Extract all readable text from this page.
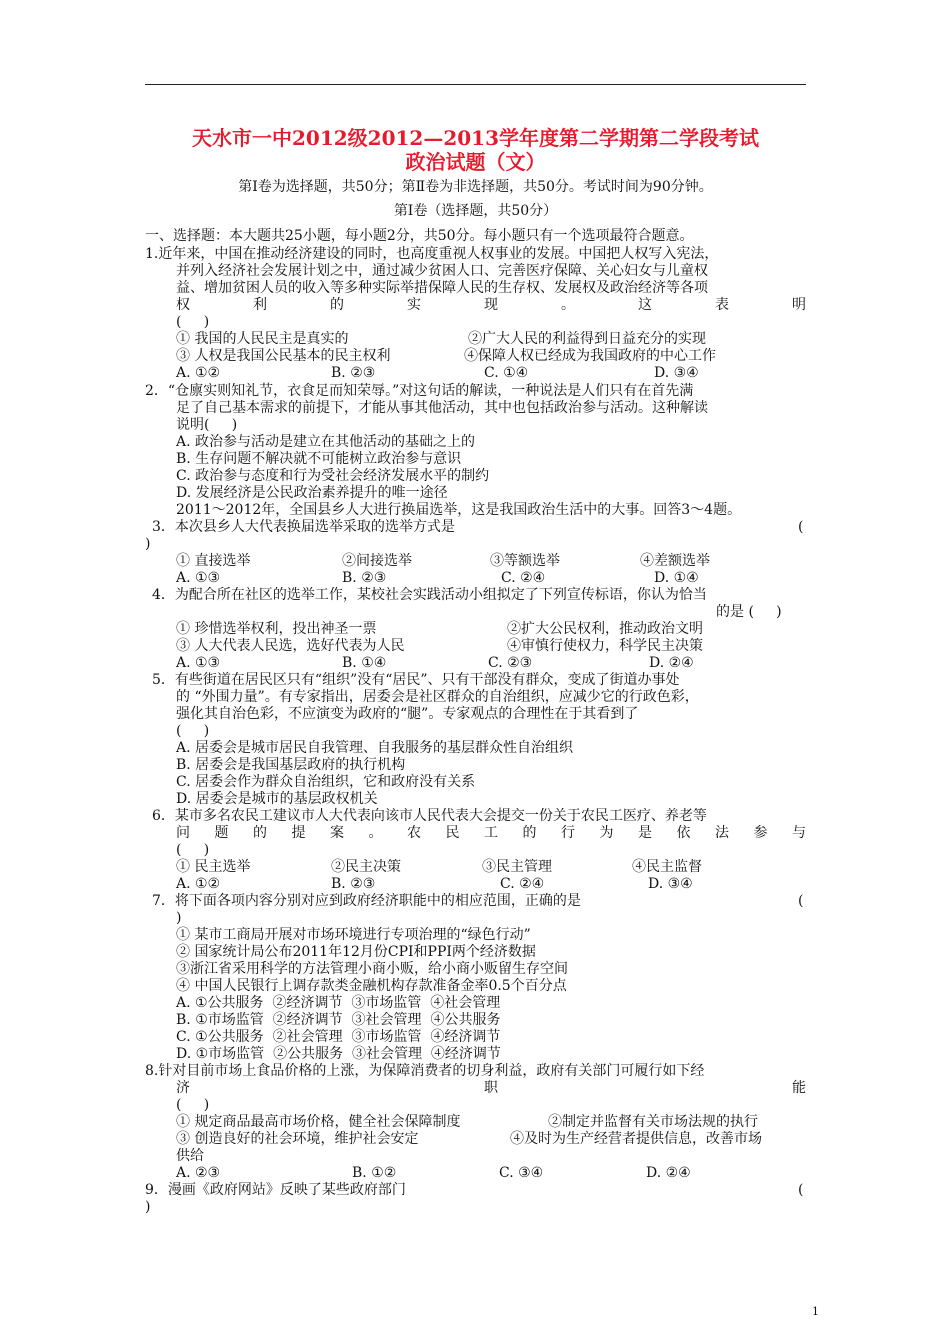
天水市一中2012级2012—2013学年度第二学期第二学段考试
政治试题（文）
第Ⅰ卷为选择题，共50分；第Ⅱ卷为非选择题，共50分。考试时间为90分钟。
第Ⅰ卷（选择题，共50分）
一、选择题：本大题共25小题，每小题2分，共50分。每小题只有一个选项最符合题意。
1.近年来，中国在推动经济建设的同时，也高度重视人权事业的发展。中国把人权写入宪法，
并列入经济社会发展计划之中，通过减少贫困人口、完善医疗保障、关心妇女与儿童权
益、增加贫困人员的收入等多种实际举措保障人民的生存权、发展权及政治经济等各项
权	利	的	实	现	。	这	表	明
(     )
① 我国的人民民主是真实的	②广大人民的利益得到日益充分的实现
③ 人权是我国公民基本的民主权利	④保障人权已经成为我国政府的中心工作
A. ①②	B. ②③	C. ①④	D. ③④
2．“仓廪实则知礼节，衣食足而知荣辱。”对这句话的解读，一种说法是人们只有在首先满
足了自己基本需求的前提下，才能从事其他活动，其中也包括政治参与活动。这种解读
说明(     )
A. 政治参与活动是建立在其他活动的基础之上的
B. 生存问题不解决就不可能树立政治参与意识
C. 政治参与态度和行为受社会经济发展水平的制约
D. 发展经济是公民政治素养提升的唯一途径
2011～2012年，全国县乡人大进行换届选举，这是我国政治生活中的大事。回答3～4题。
3．本次县乡人大代表换届选举采取的选举方式是	(
)
① 直接选举	②间接选举	③等额选举	④差额选举
A. ①③	B. ②③	C. ②④	D. ①④
4．为配合所在社区的选举工作，某校社会实践活动小组拟定了下列宣传标语，你认为恰当
的是 (     )
① 珍惜选举权利，投出神圣一票	②扩大公民权利，推动政治文明
③ 人大代表人民选，选好代表为人民	④审慎行使权力，科学民主决策
A. ①③	B. ①④	C. ②③	D. ②④
5．有些街道在居民区只有“组织”没有“居民”、只有干部没有群众，变成了街道办事处
的 “外围力量”。有专家指出，居委会是社区群众的自治组织，应减少它的行政色彩，
强化其自治色彩，不应演变为政府的“腿”。专家观点的合理性在于其看到了
(     )
A. 居委会是城市居民自我管理、自我服务的基层群众性自治组织
B. 居委会是我国基层政府的执行机构
C. 居委会作为群众自治组织，它和政府没有关系
D. 居委会是城市的基层政权机关
6．某市多名农民工建议市人大代表向该市人民代表大会提交一份关于农民工医疗、养老等
问 题 的 提 案 。 农 民 工 的 行 为 是 依 法 参 与
(     )
① 民主选举	②民主决策	③民主管理	④民主监督
A. ①②	B. ②③	C. ②④	D. ③④
7．将下面各项内容分别对应到政府经济职能中的相应范围，正确的是	(
)
① 某市工商局开展对市场环境进行专项治理的“绿色行动”
② 国家统计局公布2011年12月份CPI和PPI两个经济数据
③浙江省采用科学的方法管理小商小贩，给小商小贩留生存空间
④ 中国人民银行上调存款类金融机构存款准备金率0.5个百分点
A. ①公共服务  ②经济调节  ③市场监管  ④社会管理
B. ①市场监管  ②经济调节  ③社会管理  ④公共服务
C. ①公共服务  ②社会管理  ③市场监管  ④经济调节
D. ①市场监管  ②公共服务  ③社会管理  ④经济调节
8.针对目前市场上食品价格的上涨，为保障消费者的切身利益，政府有关部门可履行如下经
济	职	能
(     )
① 规定商品最高市场价格，健全社会保障制度	②制定并监督有关市场法规的执行
③ 创造良好的社会环境，维护社会安定	④及时为生产经营者提供信息，改善市场
供给
A. ②③	B. ①②	C. ③④	D. ②④
9．漫画《政府网站》反映了某些政府部门	(
)
1
